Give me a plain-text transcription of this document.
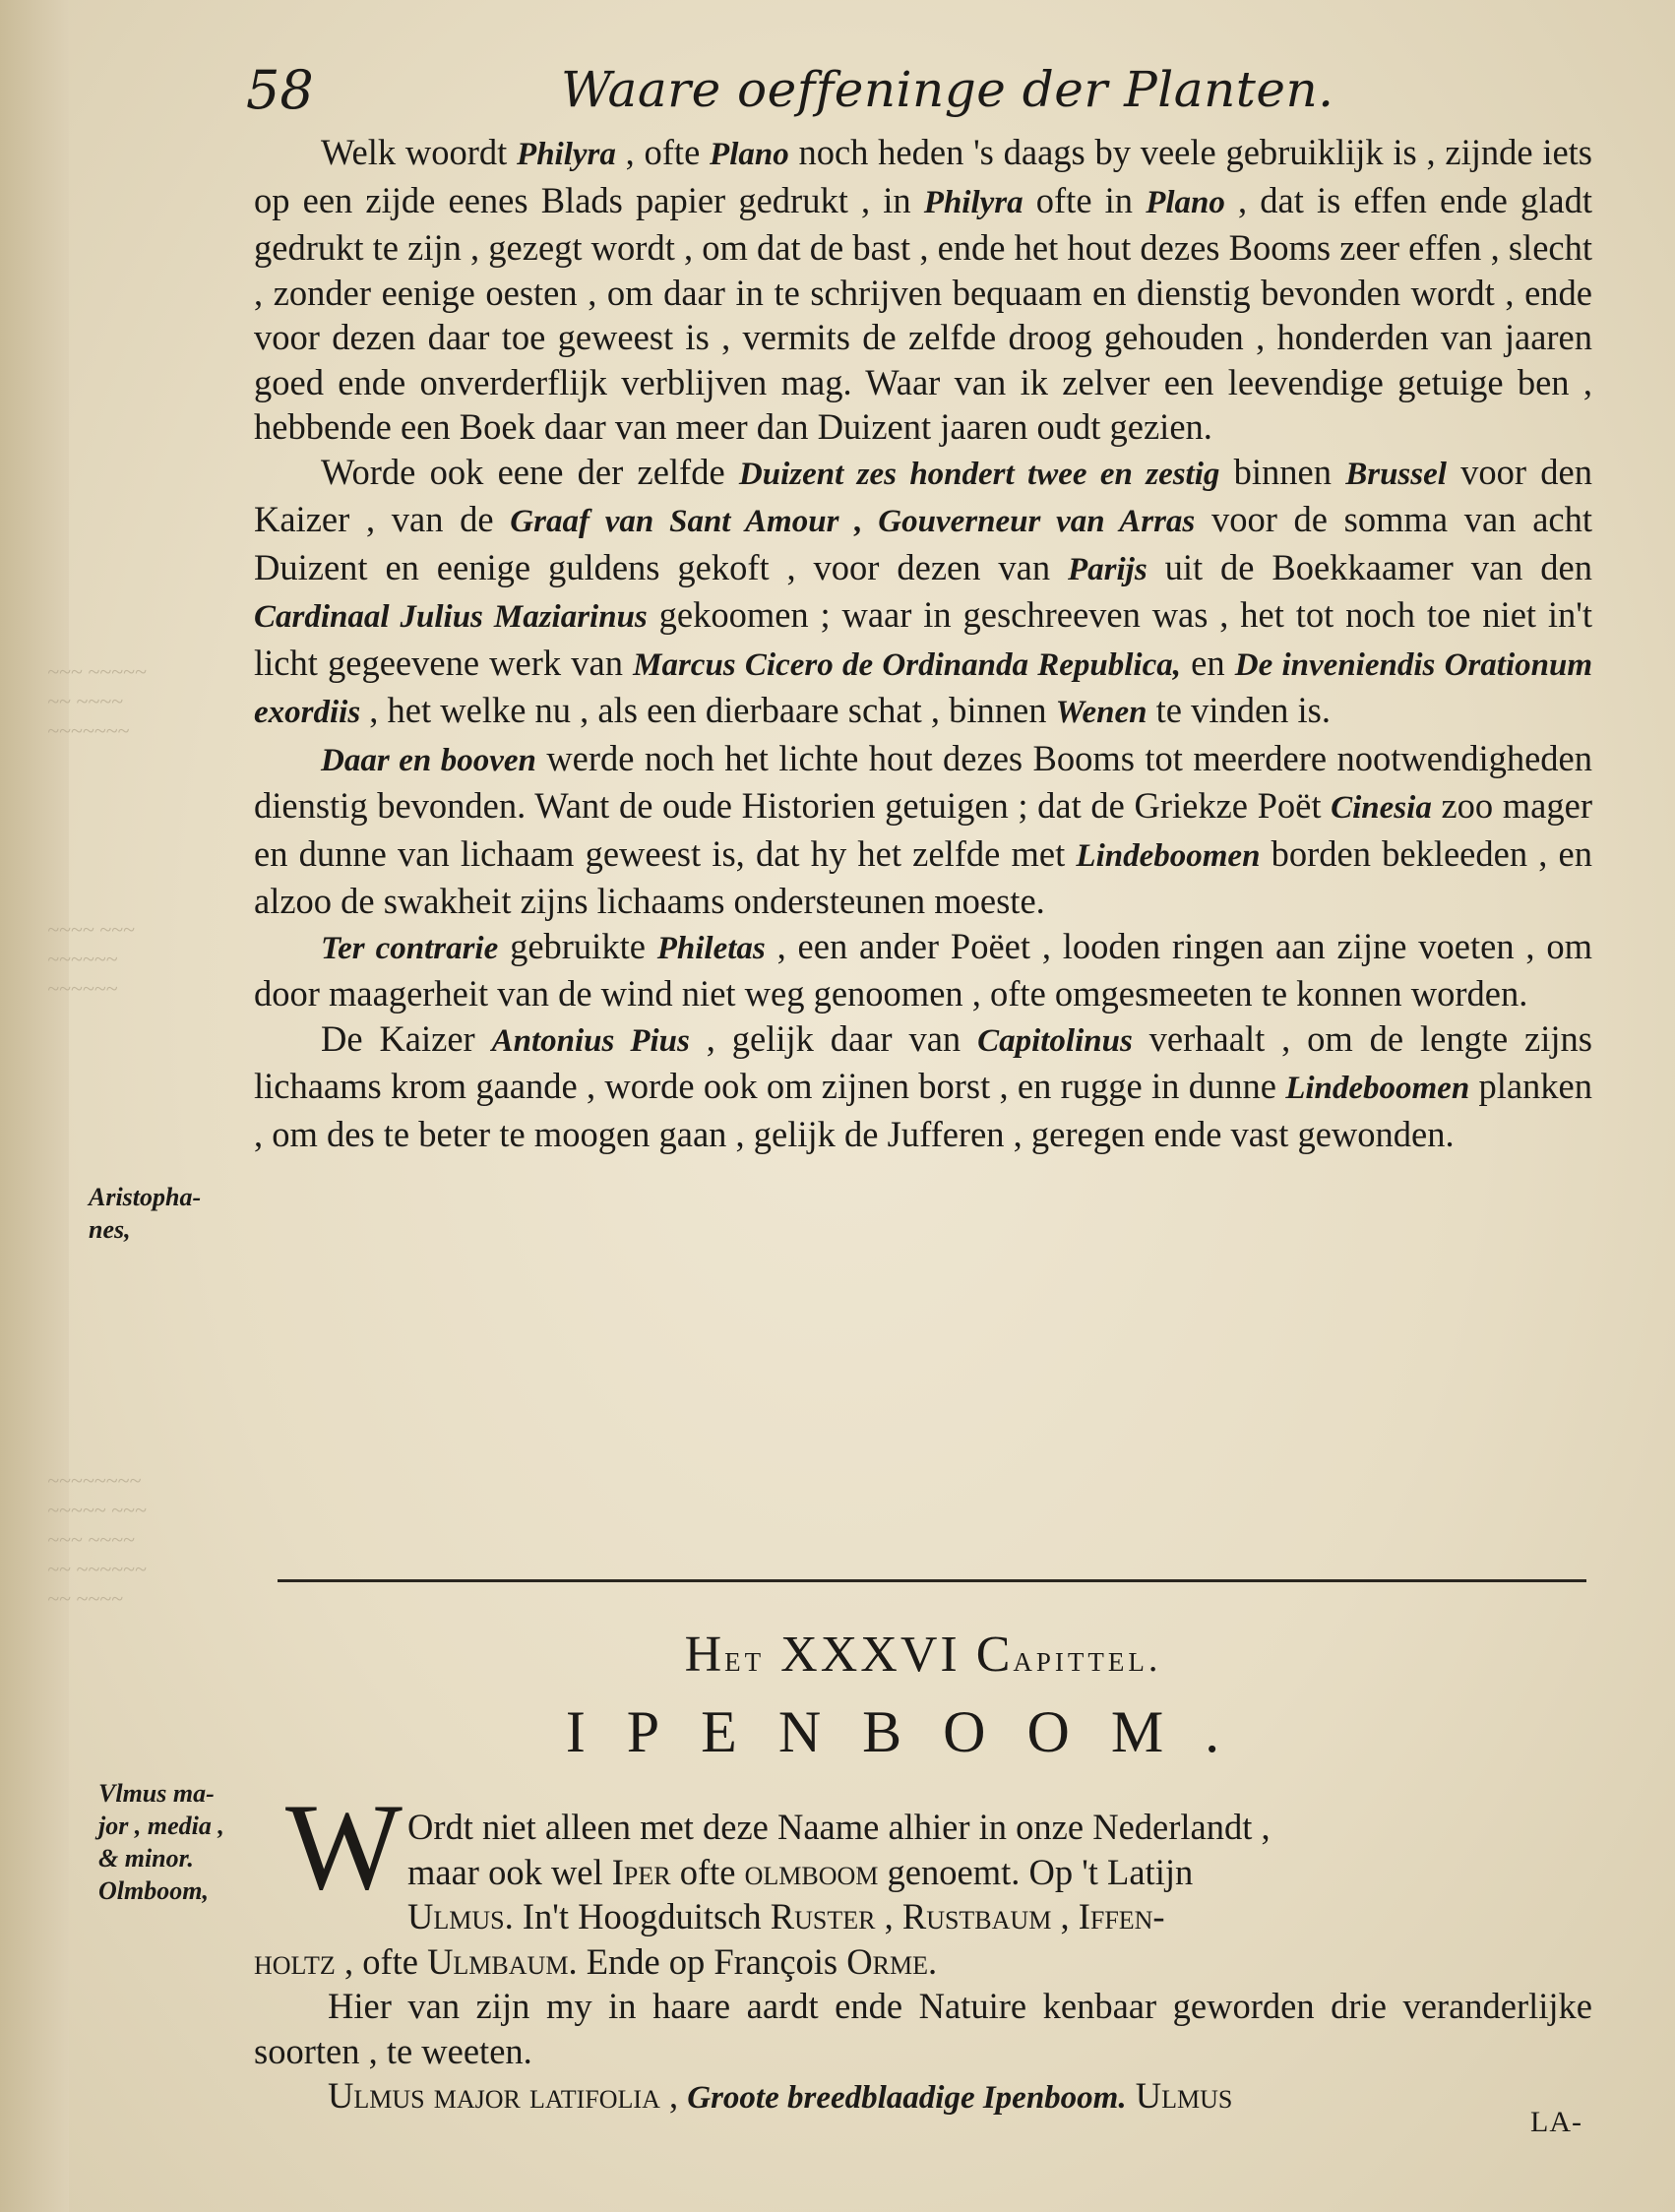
~~~ ~~~~~
~~ ~~~~
~~~~~~~
~~~~ ~~~
~~~~~~
~~~~~~
~~~~~~~~
~~~~~ ~~~
~~~ ~~~~
~~ ~~~~~~
~~ ~~~~
58	Waare oeffeninge der Planten.

Welk woordt Philyra , ofte Plano noch heden 's daags by veele gebruiklijk is , zijnde iets op een zijde eenes Blads papier gedrukt , in Philyra ofte in Plano , dat is effen ende gladt gedrukt te zijn , gezegt wordt , om dat de bast , ende het hout dezes Booms zeer effen , slecht , zonder eenige oesten , om daar in te schrijven bequaam en dienstig bevonden wordt , ende voor dezen daar toe geweest is , vermits de zelfde droog gehouden , honderden van jaaren goed ende onverderflijk verblijven mag. Waar van ik zelver een leevendige getuige ben , hebbende een Boek daar van meer dan Duizent jaaren oudt gezien.

Worde ook eene der zelfde Duizent zes hondert twee en zestig binnen Brussel voor den Kaizer , van de Graaf van Sant Amour , Gouverneur van Arras voor de somma van acht Duizent en eenige guldens gekoft , voor dezen van Parijs uit de Boekkaamer van den Cardinaal Julius Maziarinus gekoomen ; waar in geschreeven was , het tot noch toe niet in't licht gegeevene werk van Marcus Cicero de Ordinanda Republica, en De inveniendis Orationum exordiis , het welke nu , als een dierbaare schat , binnen Wenen te vinden is.

Daar en booven werde noch het lichte hout dezes Booms tot meerdere nootwendigheden dienstig bevonden. Want de oude Historien getuigen ; dat de Griekze Poët Cinesia zoo mager en dunne van lichaam geweest is, dat hy het zelfde met Lindeboomen borden bekleeden , en alzoo de swakheit zijns lichaams ondersteunen moeste.

Ter contrarie gebruikte Philetas , een ander Poëet , looden ringen aan zijne voeten , om door maagerheit van de wind niet weg genoomen , ofte omgesmeeten te konnen worden.

De Kaizer Antonius Pius , gelijk daar van Capitolinus verhaalt , om de lengte zijns lichaams krom gaande , worde ook om zijnen borst , en rugge in dunne Lindeboomen planken , om des te beter te moogen gaan , gelijk de Jufferen , geregen ende vast gewonden.

Aristopha-
nes,
Het XXXVI Capittel.
IPENBOOM.
Vlmus ma-
jor , media ,
& minor.
Olmboom, W Ordt niet alleen met deze Naame alhier in onze Nederlandt ,

maar ook wel Iper ofte olmboom genoemt. Op 't Latijn

Ulmus. In't Hoogduitsch Ruster , Rustbaum , Iffen-

holtz , ofte Ulmbaum. Ende op François Orme.

Hier van zijn my in haare aardt ende Natuire kenbaar geworden drie veranderlijke soorten , te weeten.

Ulmus major latifolia , Groote breedblaadige Ipenboom. Ulmus

LA-
